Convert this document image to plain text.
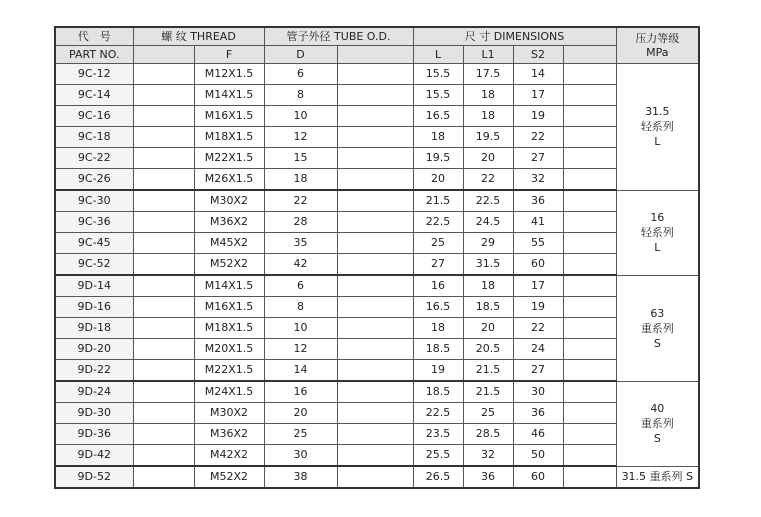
代　号	螺 纹 THREAD		管子外径 TUBE O.D.		尺 寸 DIMENSIONS				压力等级
MPa
PART NO.		F	D		L	L1	S2		
9C-12		M12X1.5	6		15.5	17.5	14		31.5
轻系列
L
9C-14		M14X1.5	8		15.5	18	17		
9C-16		M16X1.5	10		16.5	18	19		
9C-18		M18X1.5	12		18	19.5	22		
9C-22		M22X1.5	15		19.5	20	27		
9C-26		M26X1.5	18		20	22	32		
9C-30		M30X2	22		21.5	22.5	36		16
轻系列
L
9C-36		M36X2	28		22.5	24.5	41		
9C-45		M45X2	35		25	29	55		
9C-52		M52X2	42		27	31.5	60		
9D-14		M14X1.5	6		16	18	17		63
重系列
S
9D-16		M16X1.5	8		16.5	18.5	19		
9D-18		M18X1.5	10		18	20	22		
9D-20		M20X1.5	12		18.5	20.5	24		
9D-22		M22X1.5	14		19	21.5	27		
9D-24		M24X1.5	16		18.5	21.5	30		40
重系列
S
9D-30		M30X2	20		22.5	25	36		
9D-36		M36X2	25		23.5	28.5	46		
9D-42		M42X2	30		25.5	32	50		
9D-52		M52X2	38		26.5	36	60		31.5 重系列 S
